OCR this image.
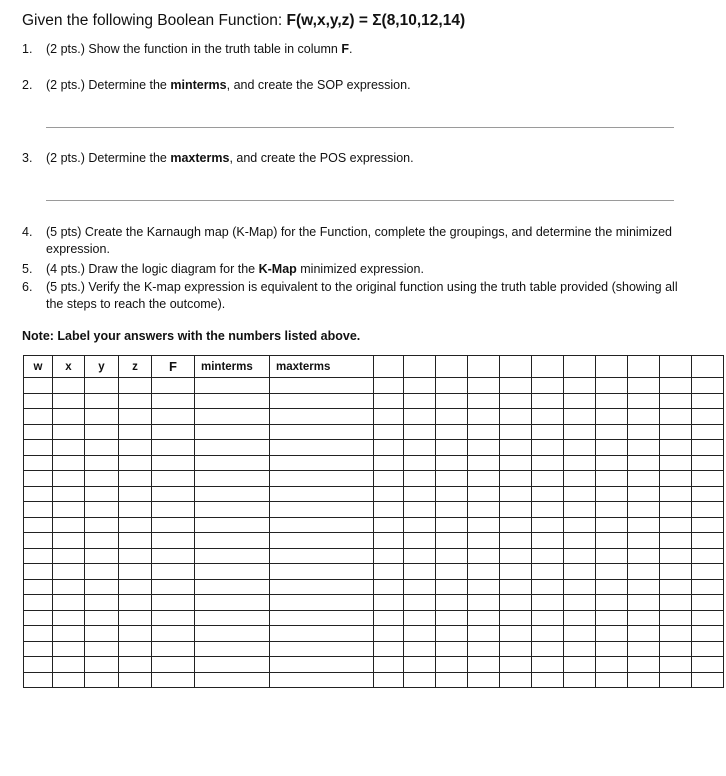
Given the following Boolean Function: F(w,x,y,z) = Σ(8,10,12,14)
1. (2 pts.) Show the function in the truth table in column F.
2. (2 pts.) Determine the minterms, and create the SOP expression.
3. (2 pts.) Determine the maxterms, and create the POS expression.
4. (5 pts) Create the Karnaugh map (K-Map) for the Function, complete the groupings, and determine the minimized expression.
5. (4 pts.) Draw the logic diagram for the K-Map minimized expression.
6. (5 pts.) Verify the K-map expression is equivalent to the original function using the truth table provided (showing all the steps to reach the outcome).
Note: Label your answers with the numbers listed above.
w	x	y	z	F	minterms	maxterms											
